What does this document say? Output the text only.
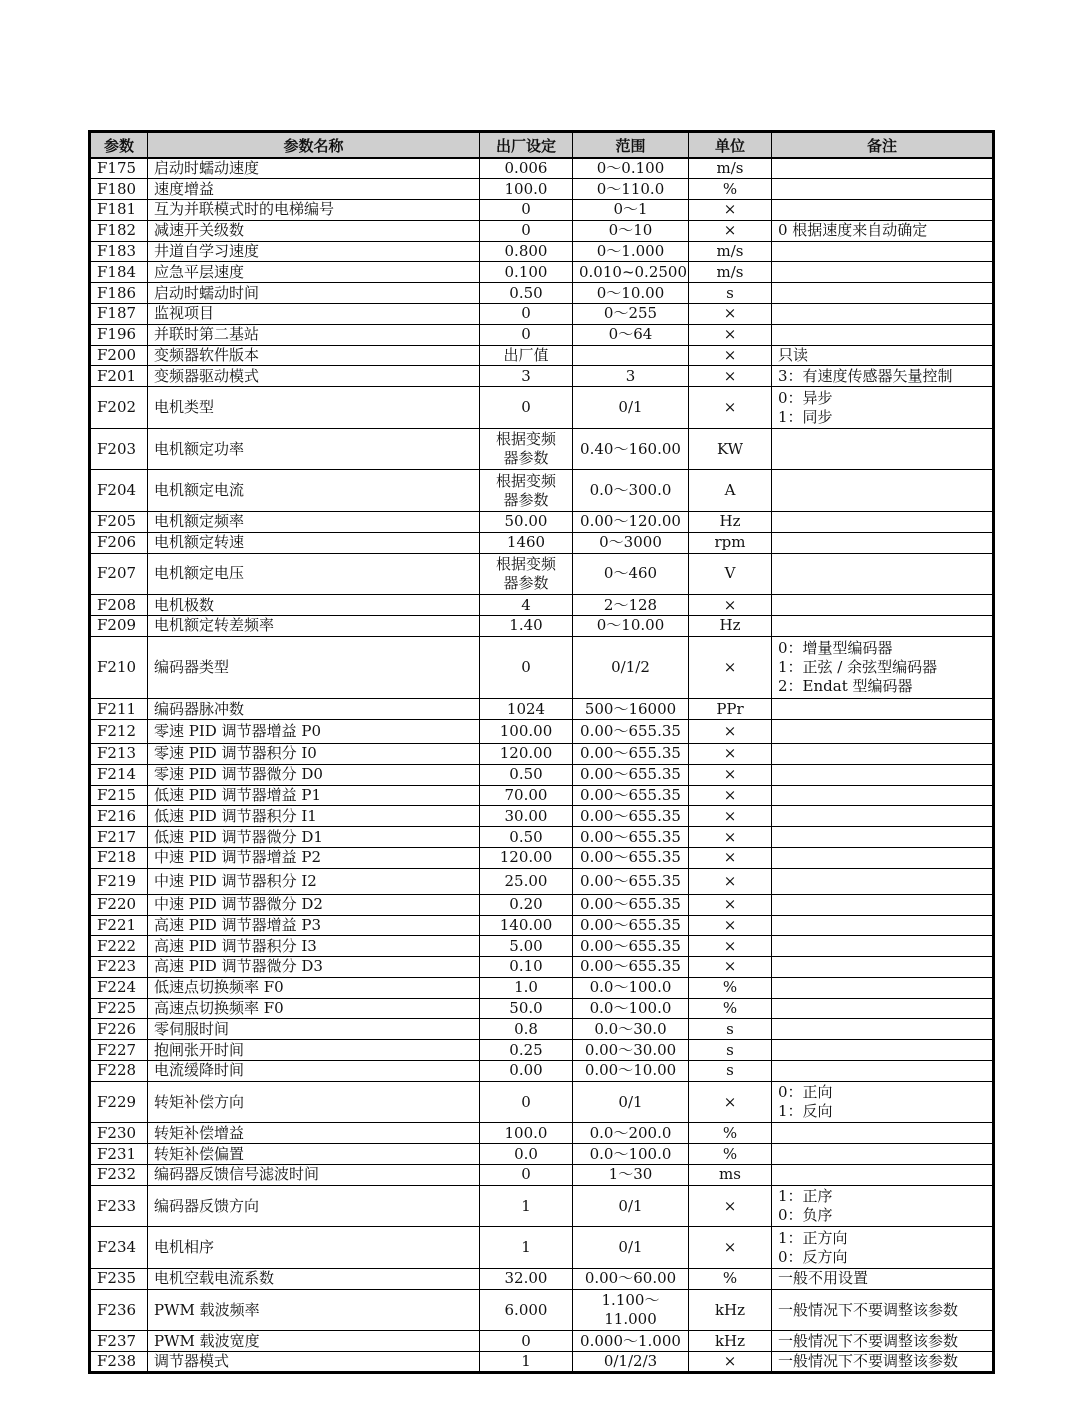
参数	参数名称	出厂设定	范围	单位	备注
F175	启动时蠕动速度	0.006	0～0.100	m/s	
F180	速度增益	100.0	0～110.0	%	
F181	互为并联模式时的电梯编号	0	0～1	×	
F182	减速开关级数	0	0～10	×	0 根据速度来自动确定

F183	井道自学习速度	0.800	0～1.000	m/s	
F184	应急平层速度	0.100	0.010~0.2500	m/s	
F186	启动时蠕动时间	0.50	0～10.00	s	
F187	监视项目	0	0～255	×	
F196	并联时第二基站	0	0～64	×	
F200	变频器软件版本	出厂值		×	只读

F201	变频器驱动模式	3	3	×	3：有速度传感器矢量控制

F202	电机类型	0	0/1	×	0：异步
1：同步

F203	电机额定功率	根据变频
器参数	0.40～160.00	KW	
F204	电机额定电流	根据变频
器参数	0.0～300.0	A	
F205	电机额定频率	50.00	0.00～120.00	Hz	
F206	电机额定转速	1460	0～3000	rpm	
F207	电机额定电压	根据变频
器参数	0～460	V	
F208	电机极数	4	2～128	×	
F209	电机额定转差频率	1.40	0～10.00	Hz	
F210	编码器类型	0	0/1/2	×	0：增量型编码器
1：正弦 / 余弦型编码器
2：Endat 型编码器

F211	编码器脉冲数	1024	500～16000	PPr	
F212	零速 PID 调节器增益 P0	100.00	0.00～655.35	×	
F213	零速 PID 调节器积分 I0	120.00	0.00～655.35	×	
F214	零速 PID 调节器微分 D0	0.50	0.00～655.35	×	
F215	低速 PID 调节器增益 P1	70.00	0.00～655.35	×	
F216	低速 PID 调节器积分 I1	30.00	0.00～655.35	×	
F217	低速 PID 调节器微分 D1	0.50	0.00～655.35	×	
F218	中速 PID 调节器增益 P2	120.00	0.00～655.35	×	
F219	中速 PID 调节器积分 I2	25.00	0.00～655.35	×	
F220	中速 PID 调节器微分 D2	0.20	0.00～655.35	×	
F221	高速 PID 调节器增益 P3	140.00	0.00～655.35	×	
F222	高速 PID 调节器积分 I3	5.00	0.00～655.35	×	
F223	高速 PID 调节器微分 D3	0.10	0.00～655.35	×	
F224	低速点切换频率 F0	1.0	0.0～100.0	%	
F225	高速点切换频率 F0	50.0	0.0～100.0	%	
F226	零伺服时间	0.8	0.0～30.0	s	
F227	抱闸张开时间	0.25	0.00～30.00	s	
F228	电流缓降时间	0.00	0.00～10.00	s	
F229	转矩补偿方向	0	0/1	×	0：正向
1：反向

F230	转矩补偿增益	100.0	0.0～200.0	%	
F231	转矩补偿偏置	0.0	0.0～100.0	%	
F232	编码器反馈信号滤波时间	0	1～30	ms	
F233	编码器反馈方向	1	0/1	×	1：正序
0：负序

F234	电机相序	1	0/1	×	1：正方向
0：反方向

F235	电机空载电流系数	32.00	0.00～60.00	%	一般不用设置

F236	PWM 载波频率	6.000	1.100～
11.000	kHz	一般情况下不要调整该参数

F237	PWM 载波宽度	0	0.000～1.000	kHz	一般情况下不要调整该参数

F238	调节器模式	1	0/1/2/3	×	一般情况下不要调整该参数
